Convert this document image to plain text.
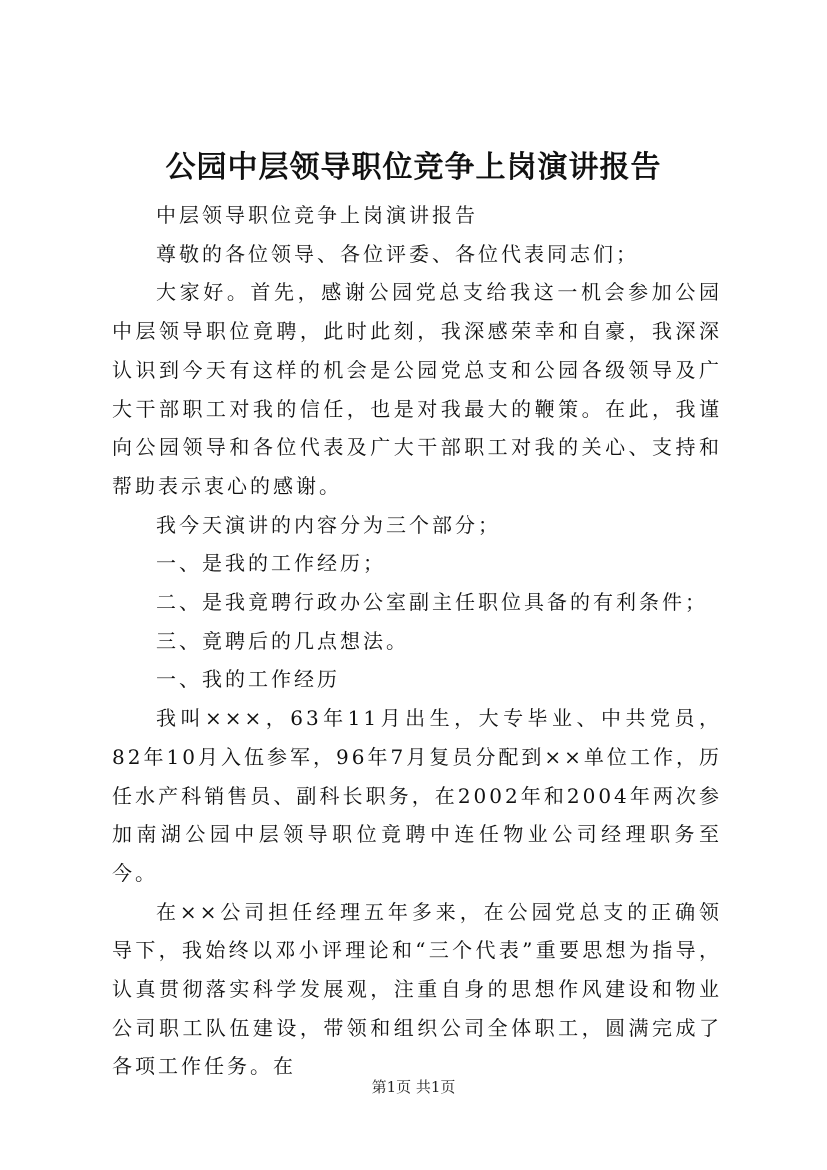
公园中层领导职位竞争上岗演讲报告

中层领导职位竞争上岗演讲报告

尊敬的各位领导、各位评委、各位代表同志们；

大家好。首先，感谢公园党总支给我这一机会参加公园中层领导职位竟聘，此时此刻，我深感荣幸和自豪，我深深认识到今天有这样的机会是公园党总支和公园各级领导及广大干部职工对我的信任，也是对我最大的鞭策。在此，我谨向公园领导和各位代表及广大干部职工对我的关心、支持和帮助表示衷心的感谢。

我今天演讲的内容分为三个部分；

一、是我的工作经历；

二、是我竟聘行政办公室副主任职位具备的有利条件；

三、竟聘后的几点想法。

一、我的工作经历

我叫×××，63年11月出生，大专毕业、中共党员，82年10月入伍参军，96年7月复员分配到××单位工作，历任水产科销售员、副科长职务，在2002年和2004年两次参加南湖公园中层领导职位竟聘中连任物业公司经理职务至今。

在××公司担任经理五年多来，在公园党总支的正确领导下，我始终以邓小评理论和“三个代表”重要思想为指导，认真贯彻落实科学发展观，注重自身的思想作风建设和物业公司职工队伍建设，带领和组织公司全体职工，圆满完成了各项工作任务。在

第1页 共1页
